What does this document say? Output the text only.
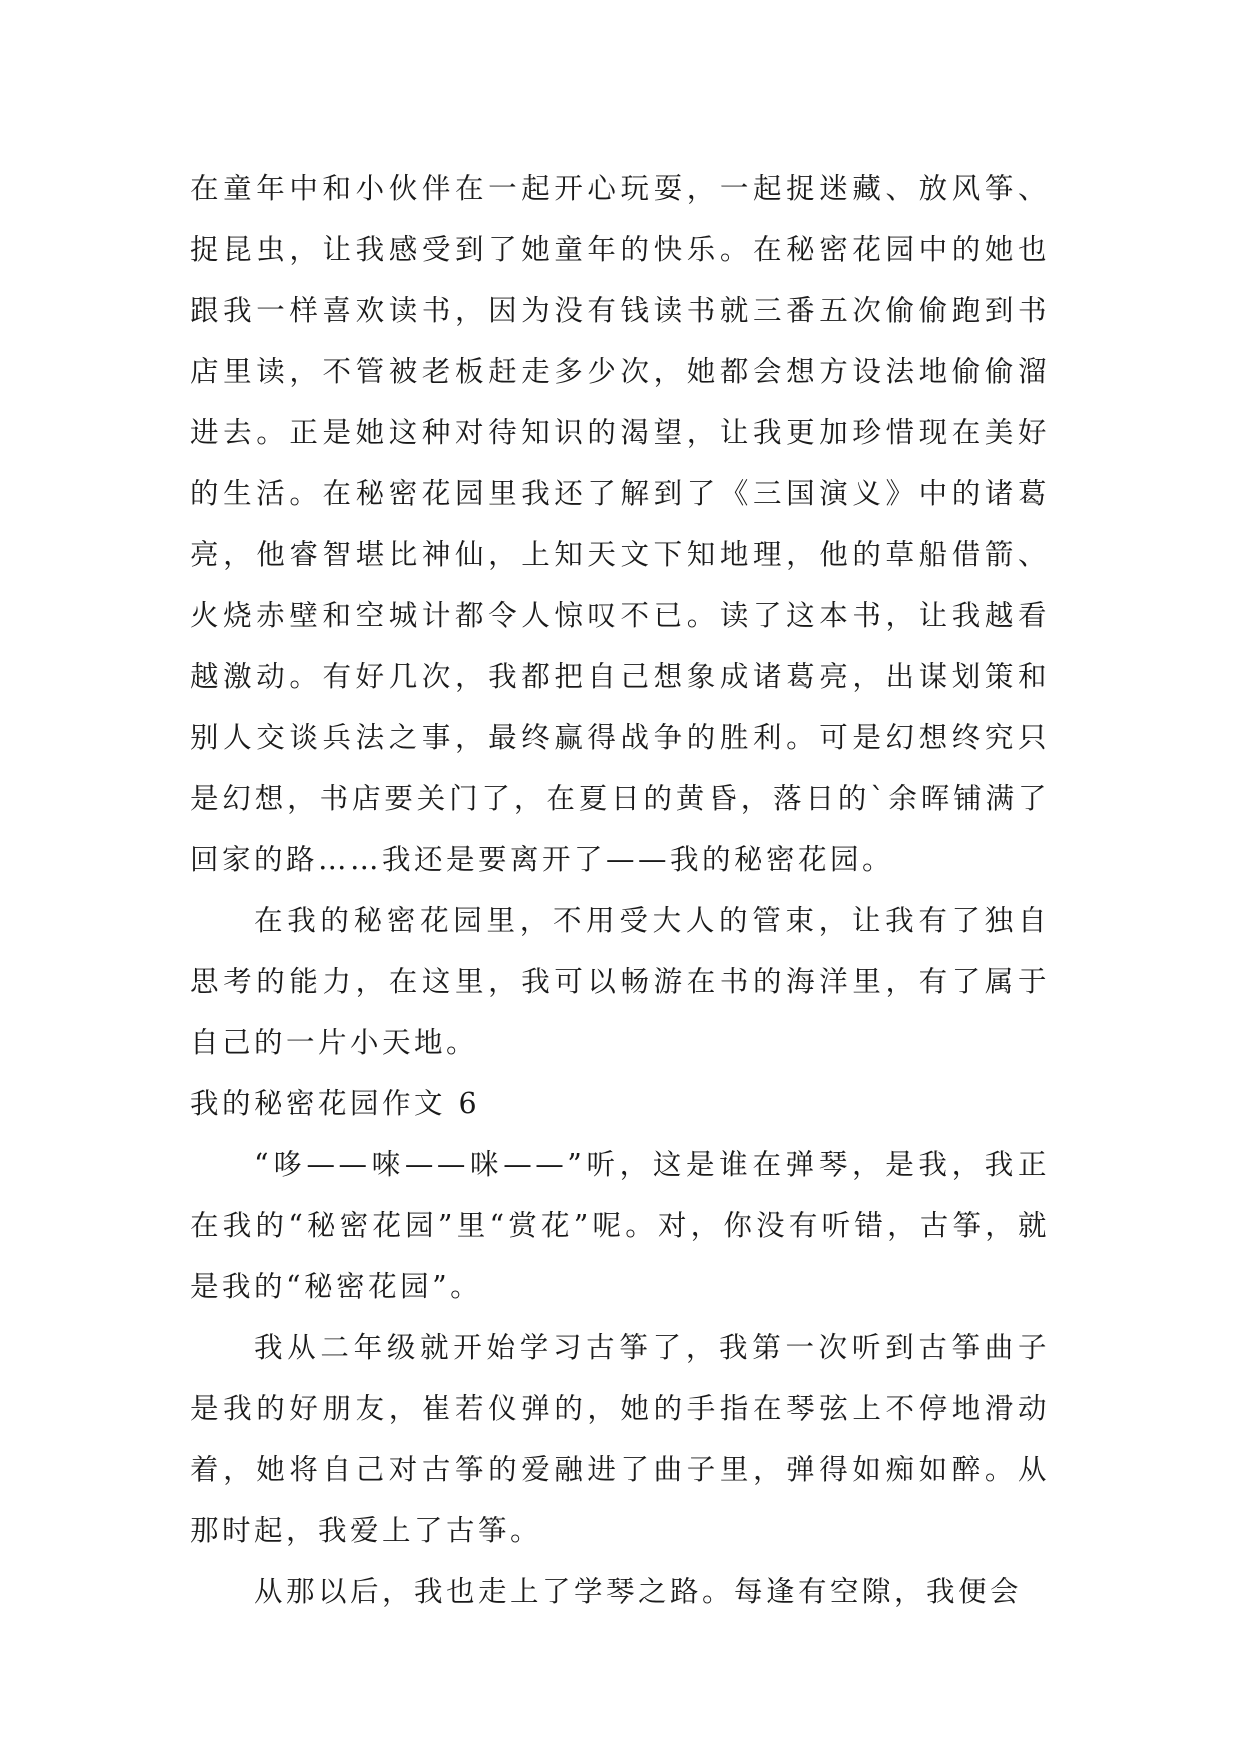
在童年中和小伙伴在一起开心玩耍，一起捉迷藏、放风筝、捉昆虫，让我感受到了她童年的快乐。在秘密花园中的她也跟我一样喜欢读书，因为没有钱读书就三番五次偷偷跑到书店里读，不管被老板赶走多少次，她都会想方设法地偷偷溜进去。正是她这种对待知识的渴望，让我更加珍惜现在美好的生活。在秘密花园里我还了解到了《三国演义》中的诸葛亮，他睿智堪比神仙，上知天文下知地理，他的草船借箭、火烧赤壁和空城计都令人惊叹不已。读了这本书，让我越看越激动。有好几次，我都把自己想象成诸葛亮，出谋划策和别人交谈兵法之事，最终赢得战争的胜利。可是幻想终究只是幻想，书店要关门了，在夏日的黄昏，落日的`余晖铺满了回家的路……我还是要离开了——我的秘密花园。

在我的秘密花园里，不用受大人的管束，让我有了独自思考的能力，在这里，我可以畅游在书的海洋里，有了属于自己的一片小天地。

我的秘密花园作文 6

“哆——唻——咪——”听，这是谁在弹琴，是我，我正在我的“秘密花园”里“赏花”呢。对，你没有听错，古筝，就是我的“秘密花园”。

我从二年级就开始学习古筝了，我第一次听到古筝曲子是我的好朋友，崔若仪弹的，她的手指在琴弦上不停地滑动着，她将自己对古筝的爱融进了曲子里，弹得如痴如醉。从那时起，我爱上了古筝。

从那以后，我也走上了学琴之路。每逢有空隙，我便会
